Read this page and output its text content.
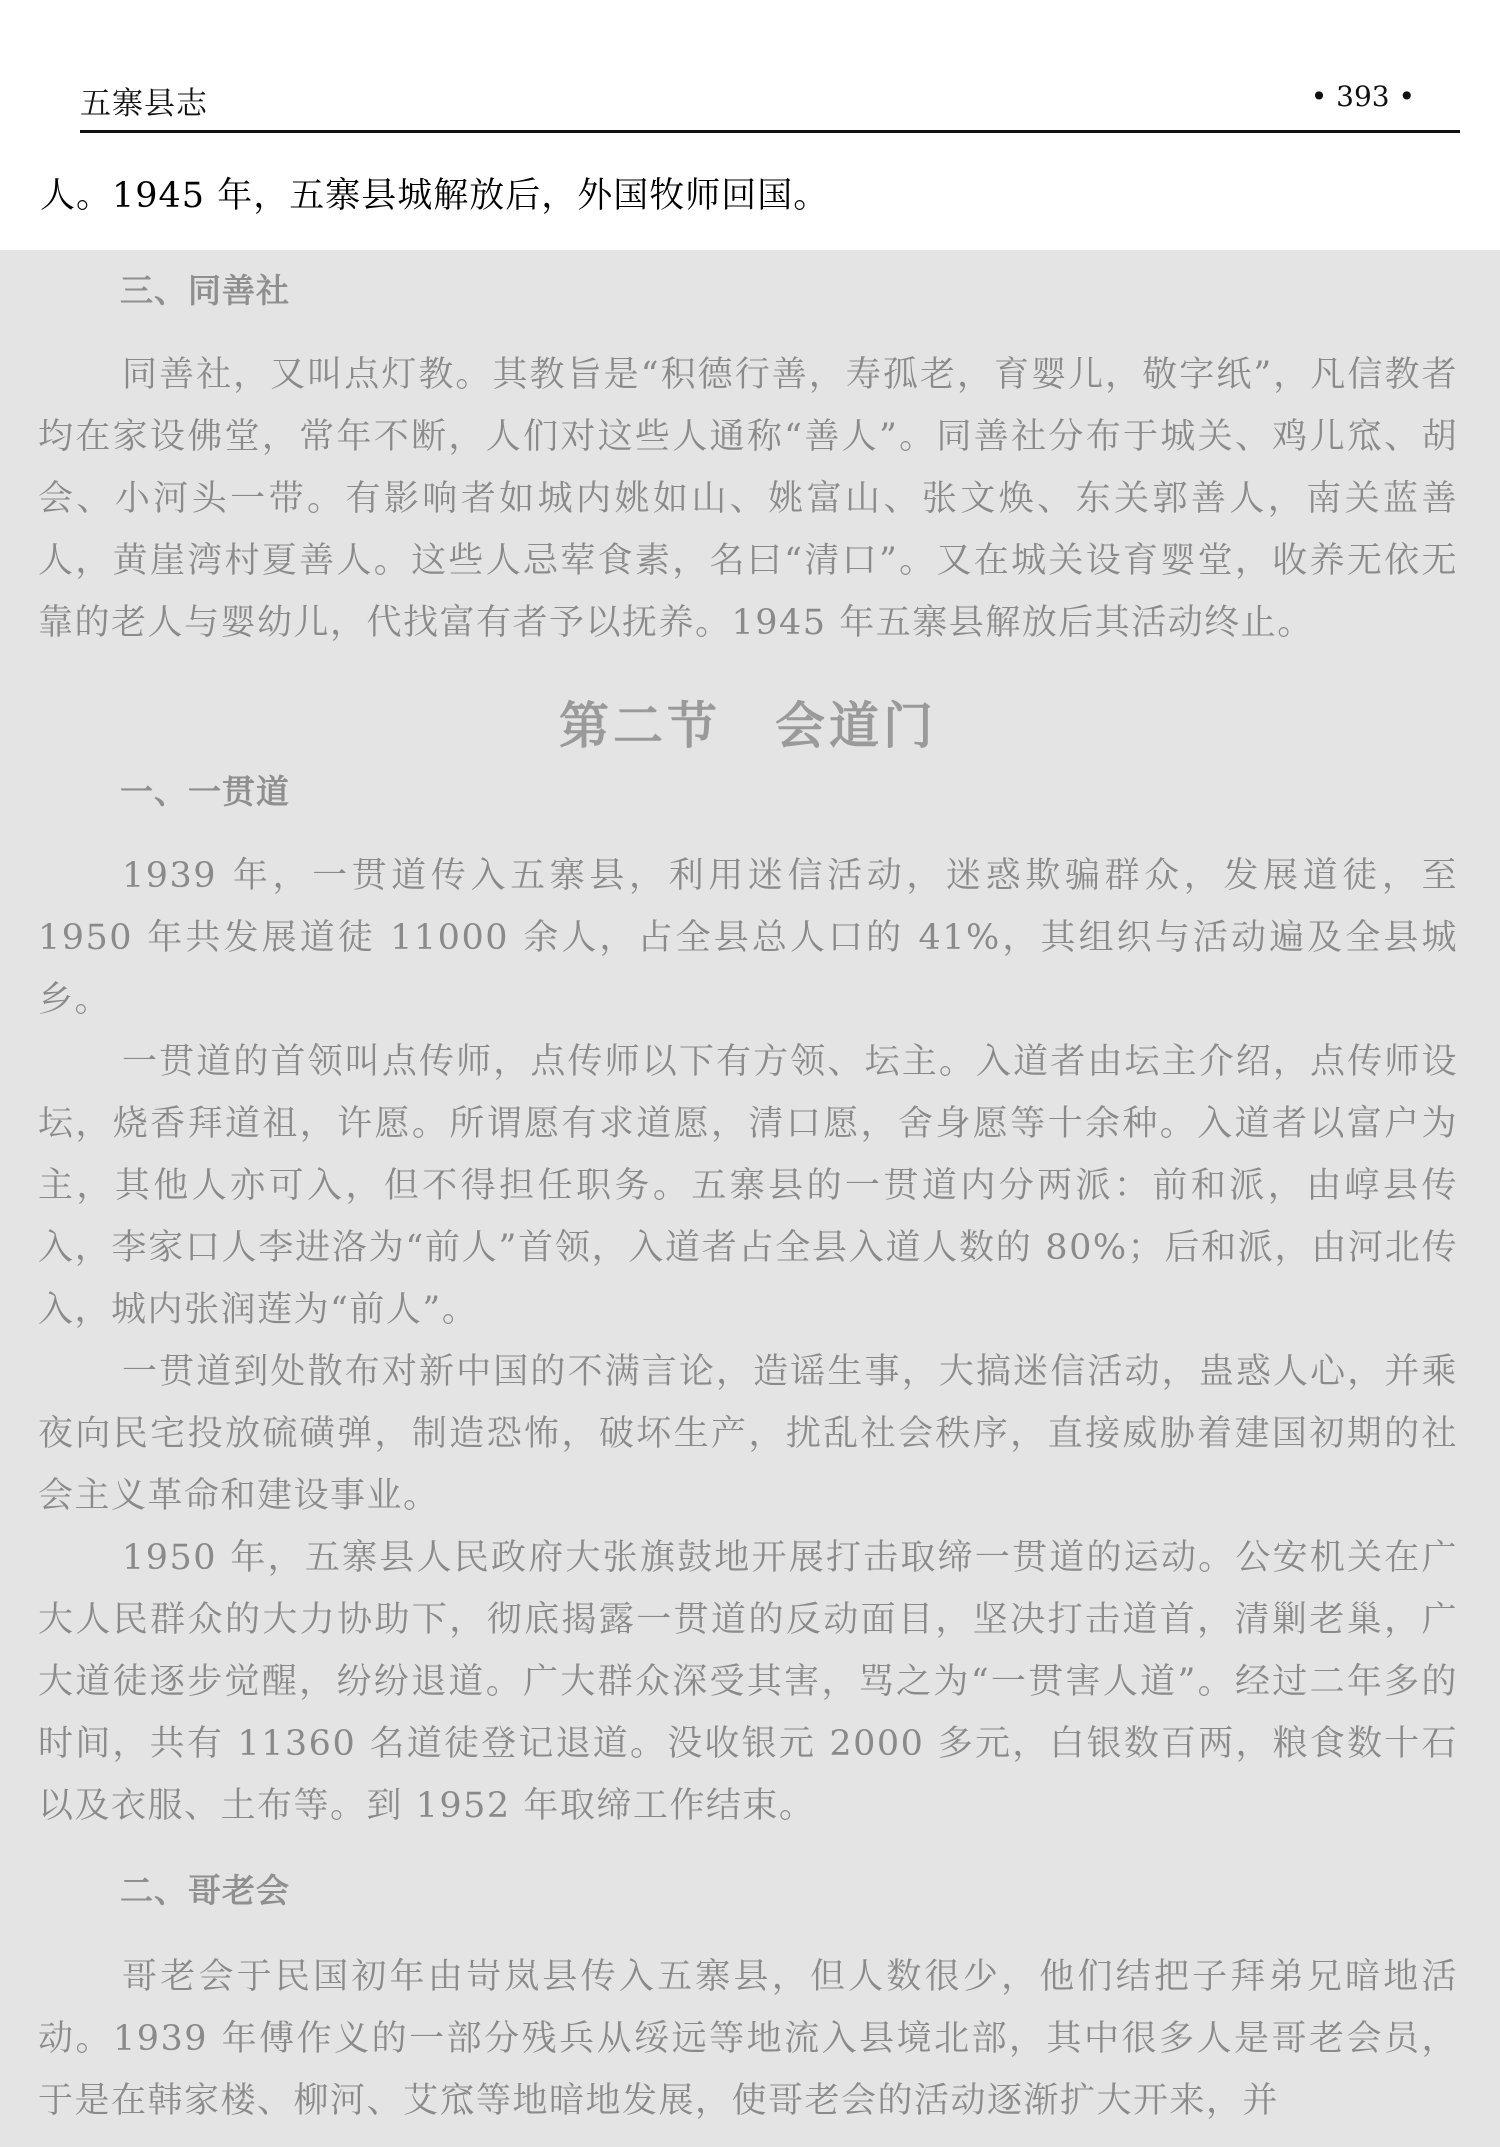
五寨县志	• 393 •
人。1945 年，五寨县城解放后，外国牧师回国。
三、同善社

同善社，又叫点灯教。其教旨是“积德行善，寿孤老，育婴儿，敬字纸”，凡信教者均在家设佛堂，常年不断，人们对这些人通称“善人”。同善社分布于城关、鸡儿窊、胡会、小河头一带。有影响者如城内姚如山、姚富山、张文焕、东关郭善人，南关蓝善人，黄崖湾村夏善人。这些人忌荤食素，名曰“清口”。又在城关设育婴堂，收养无依无靠的老人与婴幼儿，代找富有者予以抚养。1945 年五寨县解放后其活动终止。

第二节　会道门
一、一贯道

1939 年，一贯道传入五寨县，利用迷信活动，迷惑欺骗群众，发展道徒，至 1950 年共发展道徒 11000 余人，占全县总人口的 41%，其组织与活动遍及全县城乡。

一贯道的首领叫点传师，点传师以下有方领、坛主。入道者由坛主介绍，点传师设坛，烧香拜道祖，许愿。所谓愿有求道愿，清口愿，舍身愿等十余种。入道者以富户为主，其他人亦可入，但不得担任职务。五寨县的一贯道内分两派：前和派，由崞县传入，李家口人李进洛为“前人”首领，入道者占全县入道人数的 80%；后和派，由河北传入，城内张润莲为“前人”。

一贯道到处散布对新中国的不满言论，造谣生事，大搞迷信活动，蛊惑人心，并乘夜向民宅投放硫磺弹，制造恐怖，破坏生产，扰乱社会秩序，直接威胁着建国初期的社会主义革命和建设事业。

1950 年，五寨县人民政府大张旗鼓地开展打击取缔一贯道的运动。公安机关在广大人民群众的大力协助下，彻底揭露一贯道的反动面目，坚决打击道首，清剿老巢，广大道徒逐步觉醒，纷纷退道。广大群众深受其害，骂之为“一贯害人道”。经过二年多的时间，共有 11360 名道徒登记退道。没收银元 2000 多元，白银数百两，粮食数十石以及衣服、土布等。到 1952 年取缔工作结束。

二、哥老会

哥老会于民国初年由岢岚县传入五寨县，但人数很少，他们结把子拜弟兄暗地活动。1939 年傅作义的一部分残兵从绥远等地流入县境北部，其中很多人是哥老会员，于是在韩家楼、柳河、艾窊等地暗地发展，使哥老会的活动逐渐扩大开来，并
